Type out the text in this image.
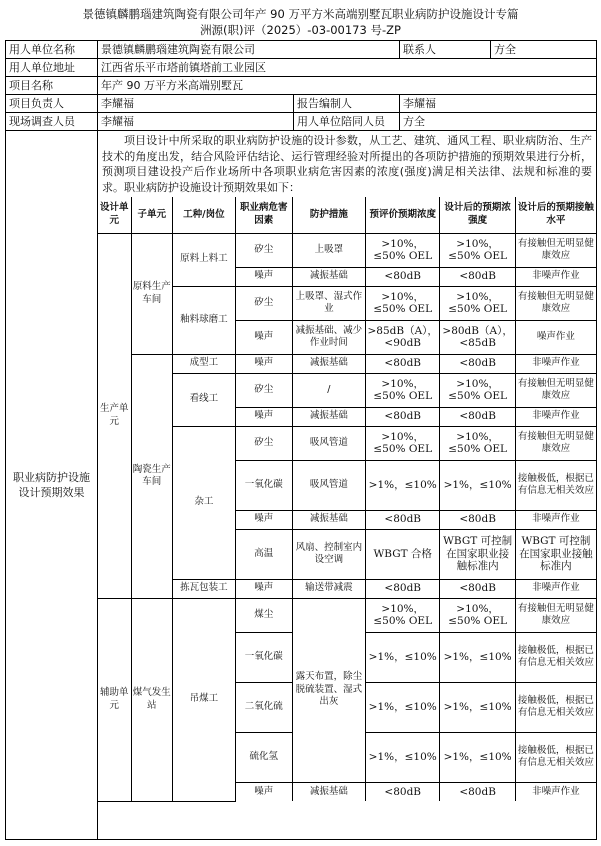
景德镇麟鹏瑙建筑陶瓷有限公司年产 90 万平方米高端别墅瓦职业病防护设施设计专篇
洲源(职)评（2025）-03-00173 号-ZP
用人单位名称	景德镇麟鹏瑙建筑陶瓷有限公司	联系人	方全
用人单位地址	江西省乐平市塔前镇塔前工业园区
项目名称	年产 90 万平方米高端别墅瓦
项目负责人	李耀福	报告编制人	李耀福
现场调查人员	李耀福	用人单位陪同人员	方全
职业病防护设施设计预期效果	
项目设计中所采取的职业病防护设施的设计参数，从工艺、建筑、通风工程、职业病防治、生产技术的角度出发，结合风险评估结论、运行管理经验对所提出的各项防护措施的预期效果进行分析，预测项目建设投产后作业场所中各项职业病危害因素的浓度(强度)满足相关法律、法规和标准的要求。职业病防护设施设计预期效果如下：
设计单元	子单元	工种/岗位	职业病危害因素	防护措施	预评价预期浓度	设计后的预期浓强度	设计后的预期接触水平
生产单元	原料生产车间	原料上料工	矽尘	上吸罩	>10%，≤50% OEL	>10%，≤50% OEL	有接触但无明显健康效应
噪声	减振基础	<80dB	<80dB	非噪声作业
釉料球磨工	矽尘	上吸罩、湿式作业	>10%，≤50% OEL	>10%，≤50% OEL	有接触但无明显健康效应
噪声	减振基础、减少作业时间	>85dB（A），<90dB	>80dB（A），<85dB	噪声作业
陶瓷生产车间	成型工	噪声	减振基础	<80dB	<80dB	非噪声作业
看线工	矽尘	/	>10%，≤50% OEL	>10%，≤50% OEL	有接触但无明显健康效应
噪声	减振基础	<80dB	<80dB	非噪声作业
杂工	矽尘	吸风管道	>10%，≤50% OEL	>10%，≤50% OEL	有接触但无明显健康效应
一氧化碳	吸风管道	>1%，≤10%	>1%，≤10%	接触极低，根据已有信息无相关效应
噪声	减振基础	<80dB	<80dB	非噪声作业
高温	风扇、控制室内设空调	WBGT 合格	WBGT 可控制在国家职业接触标准内	WBGT 可控制在国家职业接触标准内
拣瓦包装工	噪声	输送带减震	<80dB	<80dB	非噪声作业
辅助单元	煤气发生站	吊煤工	煤尘	露天布置，除尘脱硫装置、湿式出灰	>10%，≤50% OEL	>10%，≤50% OEL	有接触但无明显健康效应
一氧化碳	>1%，≤10%	>1%，≤10%	接触极低，根据已有信息无相关效应
二氧化硫	>1%，≤10%	>1%，≤10%	接触极低，根据已有信息无相关效应
硫化氢	>1%，≤10%	>1%，≤10%	接触极低，根据已有信息无相关效应
噪声	减振基础	<80dB	<80dB	非噪声作业
